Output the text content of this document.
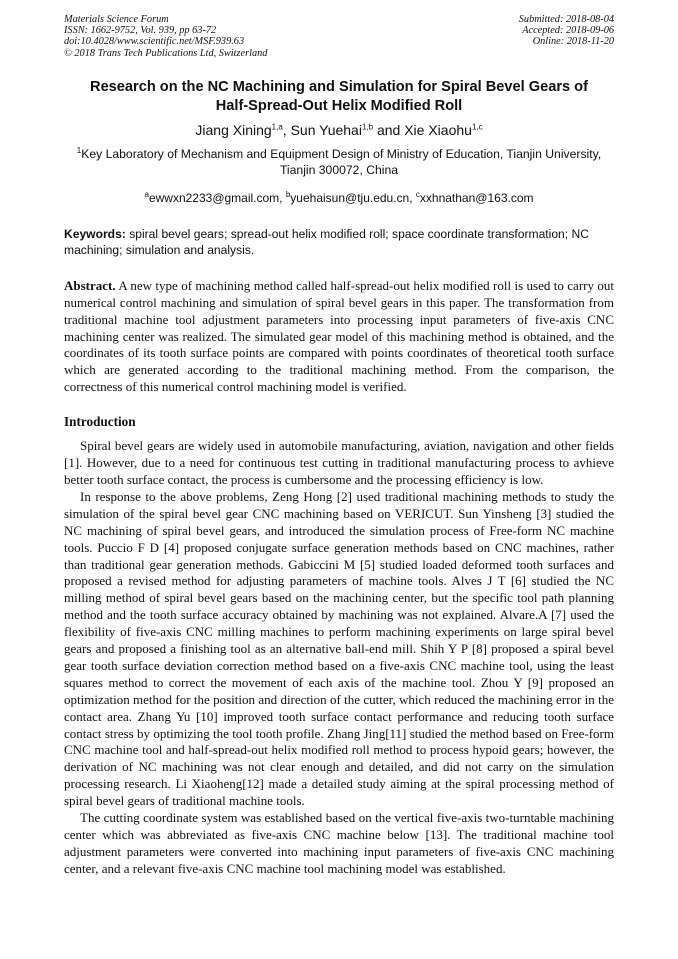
Materials Science Forum
ISSN: 1662-9752, Vol. 939, pp 63-72
doi:10.4028/www.scientific.net/MSF.939.63
© 2018 Trans Tech Publications Ltd, Switzerland
Submitted: 2018-08-04
Accepted: 2018-09-06
Online: 2018-11-20
Research on the NC Machining and Simulation for Spiral Bevel Gears of
Half-Spread-Out Helix Modified Roll
Jiang Xining$^{1,a}$, Sun Yuehai$^{1,b}$ and Xie Xiaohu$^{1,c}$
$^1$Key Laboratory of Mechanism and Equipment Design of Ministry of Education, Tianjin University,
Tianjin 300072, China
$^a$ewwxn2233@gmail.com, $^b$yuehaisun@tju.edu.cn, $^c$xxhnathan@163.com
Keywords: spiral bevel gears; spread-out helix modified roll; space coordinate transformation; NC machining; simulation and analysis.
Abstract. A new type of machining method called half-spread-out helix modified roll is used to carry out numerical control machining and simulation of spiral bevel gears in this paper. The transformation from traditional machine tool adjustment parameters into processing input parameters of five-axis CNC machining center was realized. The simulated gear model of this machining method is obtained, and the coordinates of its tooth surface points are compared with points coordinates of theoretical tooth surface which are generated according to the traditional machining method. From the comparison, the correctness of this numerical control machining model is verified.
Introduction
Spiral bevel gears are widely used in automobile manufacturing, aviation, navigation and other fields [1]. However, due to a need for continuous test cutting in traditional manufacturing process to avhieve better tooth surface contact, the process is cumbersome and the processing efficiency is low.
In response to the above problems, Zeng Hong [2] used traditional machining methods to study the simulation of the spiral bevel gear CNC machining based on VERICUT. Sun Yinsheng [3] studied the NC machining of spiral bevel gears, and introduced the simulation process of Free-form NC machine tools. Puccio F D [4] proposed conjugate surface generation methods based on CNC machines, rather than traditional gear generation methods. Gabiccini M [5] studied loaded deformed tooth surfaces and proposed a revised method for adjusting parameters of machine tools. Alves J T [6] studied the NC milling method of spiral bevel gears based on the machining center, but the specific tool path planning method and the tooth surface accuracy obtained by machining was not explained. Alvare.A [7] used the flexibility of five-axis CNC milling machines to perform machining experiments on large spiral bevel gears and proposed a finishing tool as an alternative ball-end mill. Shih Y P [8] proposed a spiral bevel gear tooth surface deviation correction method based on a five-axis CNC machine tool, using the least squares method to correct the movement of each axis of the machine tool. Zhou Y [9] proposed an optimization method for the position and direction of the cutter, which reduced the machining error in the contact area. Zhang Yu [10] improved tooth surface contact performance and reducing tooth surface contact stress by optimizing the tool tooth profile. Zhang Jing[11] studied the method based on Free-form CNC machine tool and half-spread-out helix modified roll method to process hypoid gears; however, the derivation of NC machining was not clear enough and detailed, and did not carry on the simulation processing research. Li Xiaoheng[12] made a detailed study aiming at the spiral processing method of spiral bevel gears of traditional machine tools.
The cutting coordinate system was established based on the vertical five-axis two-turntable machining center which was abbreviated as five-axis CNC machine below [13]. The traditional machine tool adjustment parameters were converted into machining input parameters of five-axis CNC machining center, and a relevant five-axis CNC machine tool machining model was established.
